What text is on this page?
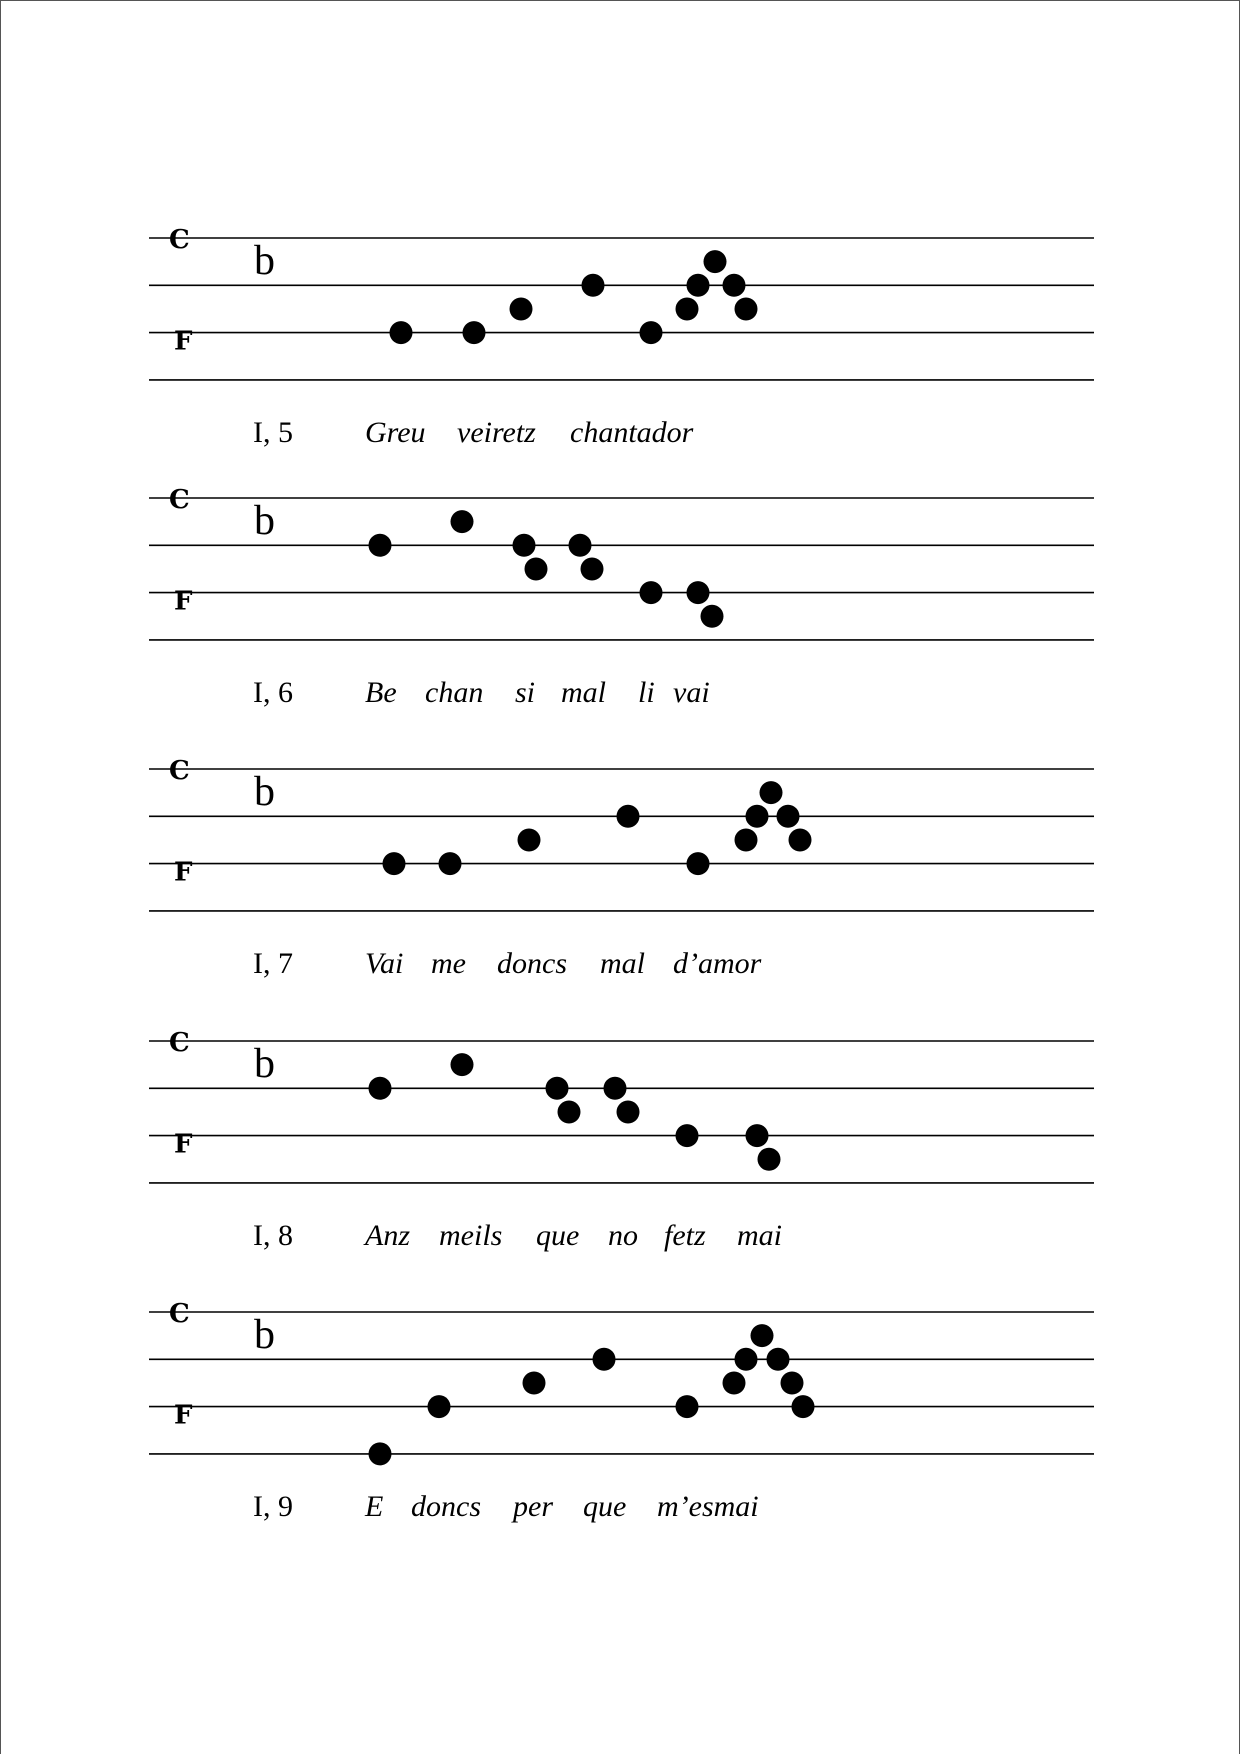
C
F
b
I, 5 Greu veiretz chantador
C
F
b
I, 6 Be chan si mal li vai
C
F
b
I, 7 Vai me doncs mal d’amor
C
F
b
I, 8 Anz meils que no fetz mai
C
F
b
I, 9 E doncs per que m’esmai
